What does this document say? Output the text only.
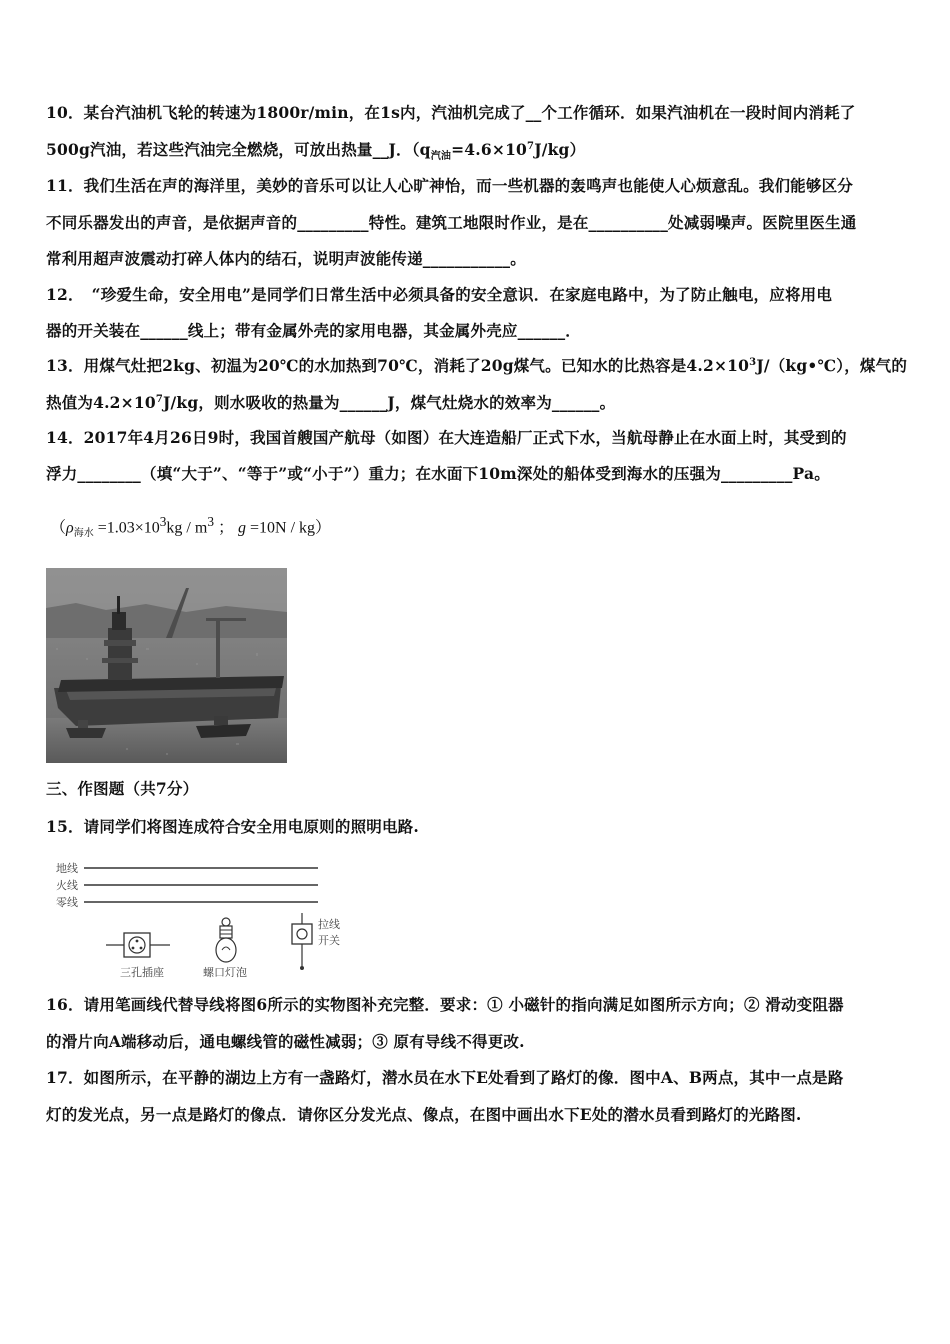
10．某台汽油机飞轮的转速为1800r/min，在1s内，汽油机完成了__个工作循环．如果汽油机在一段时间内消耗了
500g汽油，若这些汽油完全燃烧，可放出热量__J．$(q_{汽油}=4.6\times 10^7J/kg)$
11．我们生活在声的海洋里，美妙的音乐可以让人心旷神怡，而一些机器的轰鸣声也能使人心烦意乱。我们能够区分
不同乐器发出的声音，是依据声音的_________特性。建筑工地限时作业，是在__________处减弱噪声。医院里医生通
常利用超声波震动打碎人体内的结石，说明声波能传递___________。
12．　“珍爱生命，安全用电”是同学们日常生活中必须具备的安全意识．在家庭电路中，为了防止触电，应将用电
器的开关装在______线上；带有金属外壳的家用电器，其金属外壳应______．
13．用煤气灶把2kg、初温为20℃的水加热到70℃，消耗了20g煤气。已知水的比热容是$4.2\times 10^3J/(kg•℃)$，煤气的
热值为$4.2\times 10^7J/kg$，则水吸收的热量为______J，煤气灶烧水的效率为______。
14．2017年4月26日9时，我国首艘国产航母（如图）在大连造船厂正式下水，当航母静止在水面上时，其受到的
浮力________（填“大于”、“等于”或“小于”）重力；在水面下10m深处的船体受到海水的压强为_________Pa。
（$\rho_{海水} =1.03\times 10^3kg / m^3$ ； g =10N / kg）
三、作图题（共7分）
15．请同学们将图连成符合安全用电原则的照明电路.
地线
火线
零线
三孔插座	螺口灯泡
拉线
开关
16．请用笔画线代替导线将图6所示的实物图补充完整．要求：① 小磁针的指向满足如图所示方向；② 滑动变阻器
的滑片向A端移动后，通电螺线管的磁性减弱；③ 原有导线不得更改.
17．如图所示，在平静的湖边上方有一盏路灯，潜水员在水下E处看到了路灯的像．图中A、B两点，其中一点是路
灯的发光点，另一点是路灯的像点．请你区分发光点、像点，在图中画出水下E处的潜水员看到路灯的光路图.
